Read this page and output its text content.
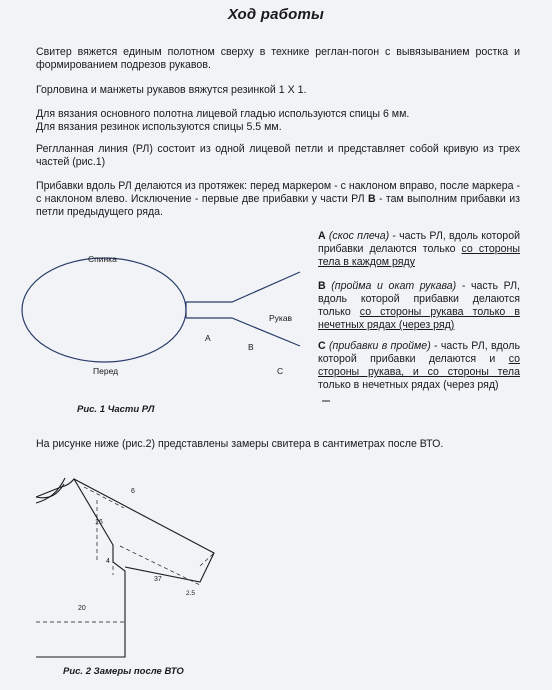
Ход работы
Свитер вяжется единым полотном сверху в технике реглан-погон с вывязыванием ростка и формированием подрезов рукавов.
Горловина и манжеты рукавов вяжутся резинкой 1 Х 1.
Для вязания основного полотна лицевой гладью используются спицы 6 мм.
Для вязания резинок используются спицы 5.5 мм.
Реглланная линия (РЛ) состоит из одной лицевой петли и представляет собой кривую из трех частей (рис.1)
Прибавки вдоль РЛ делаются из протяжек: перед маркером - с наклоном вправо, после маркера - с наклоном влево. Исключение - первые две прибавки у части РЛ В - там выполним прибавки из петли предыдущего ряда.
Спинка
Перед
Рукав
A
B
C
Рис. 1 Части РЛ
A (скос плеча) - часть РЛ, вдоль которой прибавки делаются только со стороны тела в каждом ряду
B (пройма и окат рукава) - часть РЛ, вдоль которой прибавки делаются только со стороны рукава только в нечетных рядах (через ряд)
C (прибавки в пройме) - часть РЛ, вдоль которой прибавки делаются и со стороны рукава, и со стороны тела только в нечетных рядах (через ряд)
На рисунке ниже (рис.2) представлены замеры свитера в сантиметрах после ВТО.
6
16
4
37
2.5
20
Рис. 2 Замеры после ВТО
